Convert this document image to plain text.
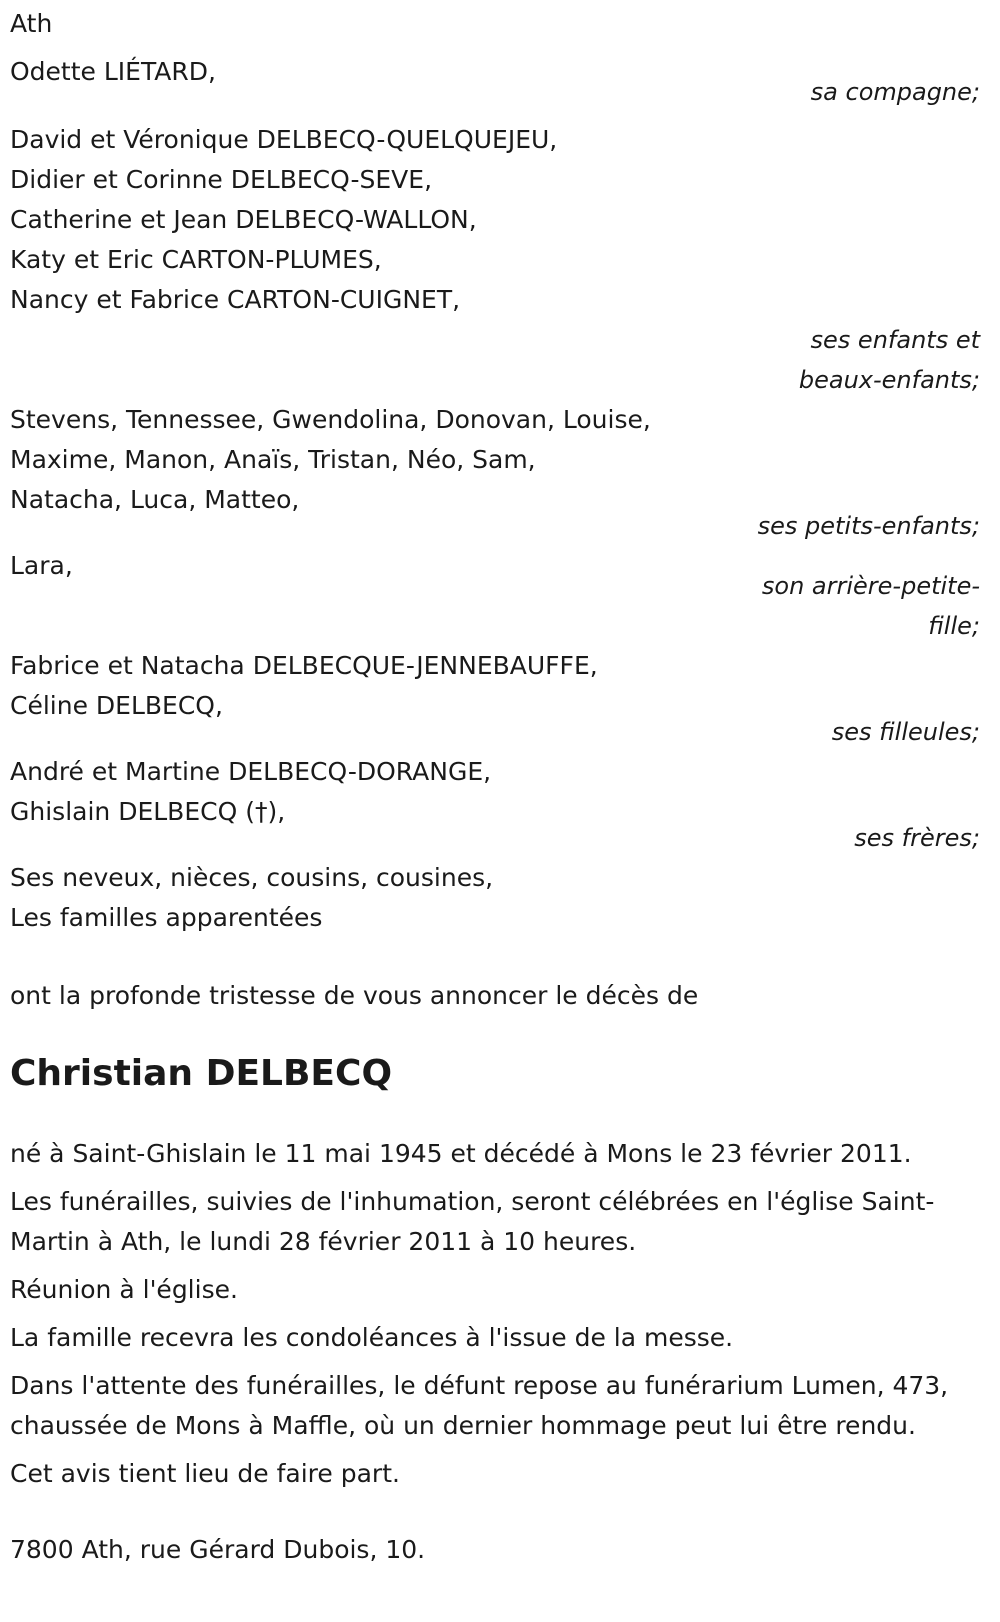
Ath
Odette LIÉTARD,
sa compagne;
David et Véronique DELBECQ-QUELQUEJEU,
Didier et Corinne DELBECQ-SEVE,
Catherine et Jean DELBECQ-WALLON,
Katy et Eric CARTON-PLUMES,
Nancy et Fabrice CARTON-CUIGNET,
ses enfants et
beaux-enfants;
Stevens, Tennessee, Gwendolina, Donovan, Louise,
Maxime, Manon, Anaïs, Tristan, Néo, Sam,
Natacha, Luca, Matteo,
ses petits-enfants;
Lara,
son arrière-petite-
fille;
Fabrice et Natacha DELBECQUE-JENNEBAUFFE,
Céline DELBECQ,
ses filleules;
André et Martine DELBECQ-DORANGE,
Ghislain DELBECQ (†),
ses frères;
Ses neveux, nièces, cousins, cousines,
Les familles apparentées
ont la profonde tristesse de vous annoncer le décès de
Christian DELBECQ
né à Saint-Ghislain le 11 mai 1945 et décédé à Mons le 23 février 2011.
Les funérailles, suivies de l'inhumation, seront célébrées en l'église Saint-Martin à Ath, le lundi 28 février 2011 à 10 heures.
Réunion à l'église.
La famille recevra les condoléances à l'issue de la messe.
Dans l'attente des funérailles, le défunt repose au funérarium Lumen, 473, chaussée de Mons à Maffle, où un dernier hommage peut lui être rendu.
Cet avis tient lieu de faire part.
7800 Ath, rue Gérard Dubois, 10.
